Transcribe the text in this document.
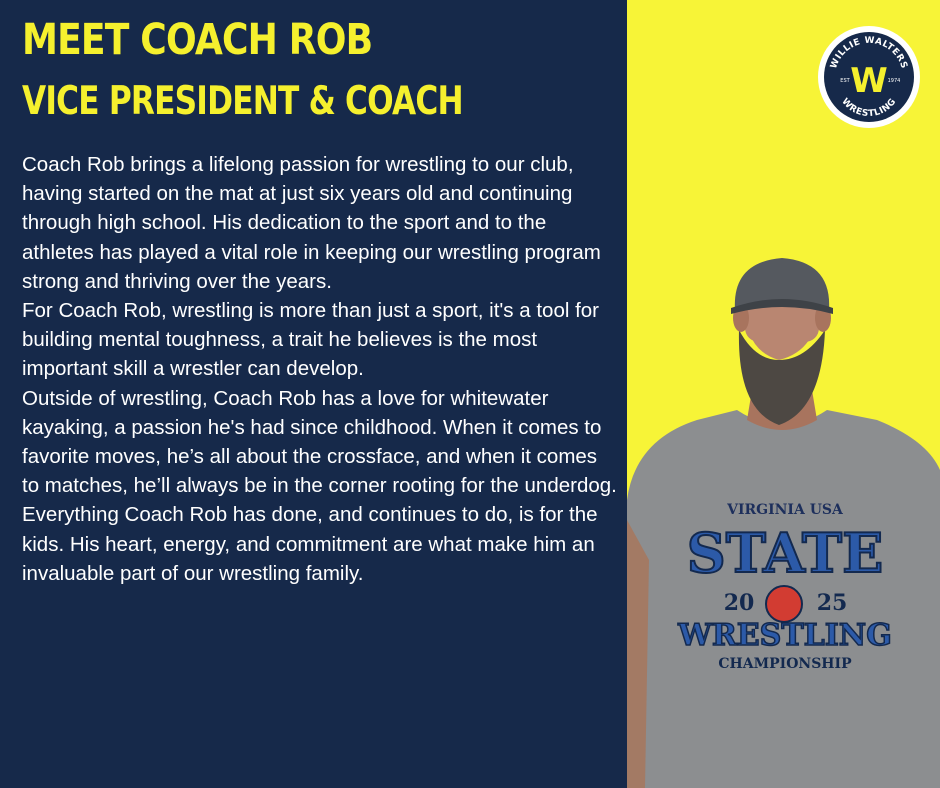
MEET COACH ROB
VICE PRESIDENT & COACH

Coach Rob brings a lifelong passion for wrestling to our club, having started on the mat at just six years old and continuing through high school. His dedication to the sport and to the athletes has played a vital role in keeping our wrestling program strong and thriving over the years.

For Coach Rob, wrestling is more than just a sport, it's a tool for building mental toughness, a trait he believes is the most important skill a wrestler can develop.

Outside of wrestling, Coach Rob has a love for whitewater kayaking, a passion he's had since childhood. When it comes to favorite moves, he’s all about the crossface, and when it comes to matches, he’ll always be in the corner rooting for the underdog.

Everything Coach Rob has done, and continues to do, is for the kids. His heart, energy, and commitment are what make him an invaluable part of our wrestling family.

VIRGINIA USA
STATE
20	25
WRESTLING
CHAMPIONSHIP
WILLIE WALTERS
WRESTLING
W
EST	1974
